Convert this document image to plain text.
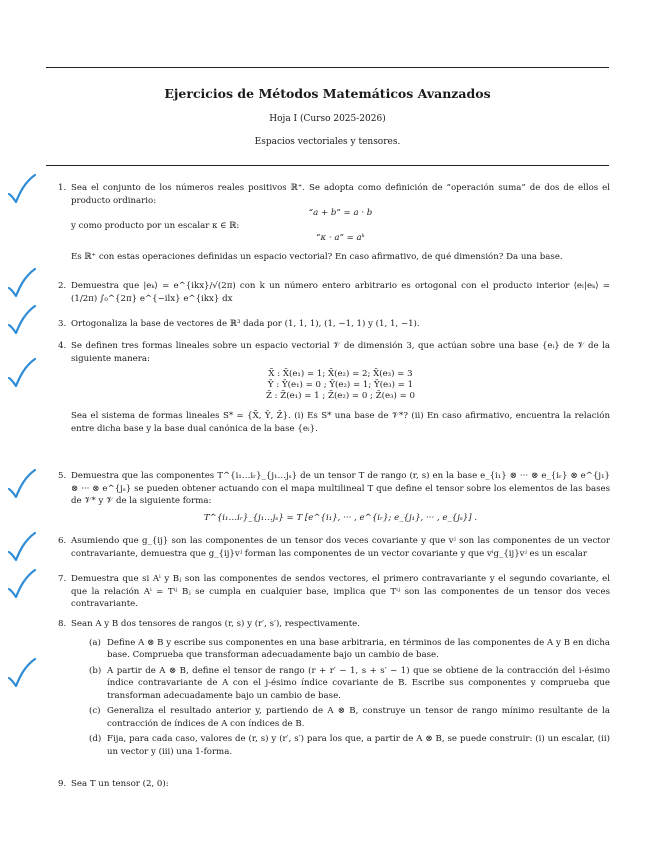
Ejercicios de Métodos Matemáticos Avanzados
Hoja I (Curso 2025-2026)
Espacios vectoriales y tensores.
1. Sea el conjunto de los números reales positivos ℝ⁺. Se adopta como definición de “operación suma” de dos de ellos el producto ordinario:

“a + b” = a · b

y como producto por un escalar κ ∈ ℝ:

“κ · a” = aᵏ

Es ℝ⁺ con estas operaciones definidas un espacio vectorial? En caso afirmativo, de qué dimensión? Da una base.

2. Demuestra que |eₖ⟩ = e^{ikx}/√(2π) con k un número entero arbitrario es ortogonal con el producto interior ⟨eₗ|eₖ⟩ = (1/2π) ∫₀^{2π} e^{−ilx} e^{ikx} dx

3. Ortogonaliza la base de vectores de ℝ³ dada por (1, 1, 1), (1, −1, 1) y (1, 1, −1).

4. Se definen tres formas lineales sobre un espacio vectorial 𝒱 de dimensión 3, que actúan sobre una base {eᵢ} de 𝒱 de la siguiente manera:

X̄ : X̄(e₁) = 1; X̄(e₂) = 2; X̄(e₃) = 3
Ȳ : Ȳ(e₁) = 0 ; Ȳ(e₂) = 1; Ȳ(e₃) = 1
Z̄ : Z̄(e₁) = 1 ; Z̄(e₂) = 0 ; Z̄(e₃) = 0

Sea el sistema de formas lineales S* = {X̄, Ȳ, Z̄}. (i) Es S* una base de 𝒱*? (ii) En caso afirmativo, encuentra la relación entre dicha base y la base dual canónica de la base {eᵢ}.

5. Demuestra que las componentes T^{i₁…iᵣ}_{j₁…jₛ} de un tensor T de rango (r, s) en la base e_{i₁} ⊗ ··· ⊗ e_{iᵣ} ⊗ e^{j₁} ⊗ ··· ⊗ e^{jₛ} se pueden obtener actuando con el mapa multilineal T que define el tensor sobre los elementos de las bases de 𝒱* y 𝒱 de la siguiente forma:

T^{i₁…iᵣ}_{j₁…jₛ} = T [e^{i₁}, ··· , e^{iᵣ}; e_{j₁}, ··· , e_{jₛ}] .

6. Asumiendo que g_{ij} son las componentes de un tensor dos veces covariante y que vʲ son las componentes de un vector contravariante, demuestra que g_{ij}vʲ forman las componentes de un vector covariante y que vⁱg_{ij}vʲ es un escalar

7. Demuestra que si Aⁱ y Bⱼ son las componentes de sendos vectores, el primero contravariante y el segundo covariante, el que la relación Aⁱ = Tⁱʲ Bⱼ se cumpla en cualquier base, implica que Tⁱʲ son las componentes de un tensor dos veces contravariante.

8. Sean A y B dos tensores de rangos (r, s) y (r′, s′), respectivamente.

(a) Define A ⊗ B y escribe sus componentes en una base arbitraria, en términos de las componentes de A y B en dicha base. Comprueba que transforman adecuadamente bajo un cambio de base.
(b) A partir de A ⊗ B, define el tensor de rango (r + r′ − 1, s + s′ − 1) que se obtiene de la contracción del i-ésimo índice contravariante de A con el j-ésimo índice covariante de B. Escribe sus componentes y comprueba que transforman adecuadamente bajo un cambio de base.
(c) Generaliza el resultado anterior y, partiendo de A ⊗ B, construye un tensor de rango mínimo resultante de la contracción de índices de A con índices de B.
(d) Fija, para cada caso, valores de (r, s) y (r′, s′) para los que, a partir de A ⊗ B, se puede construir: (i) un escalar, (ii) un vector y (iii) una 1-forma.
9. Sea T un tensor (2, 0):
